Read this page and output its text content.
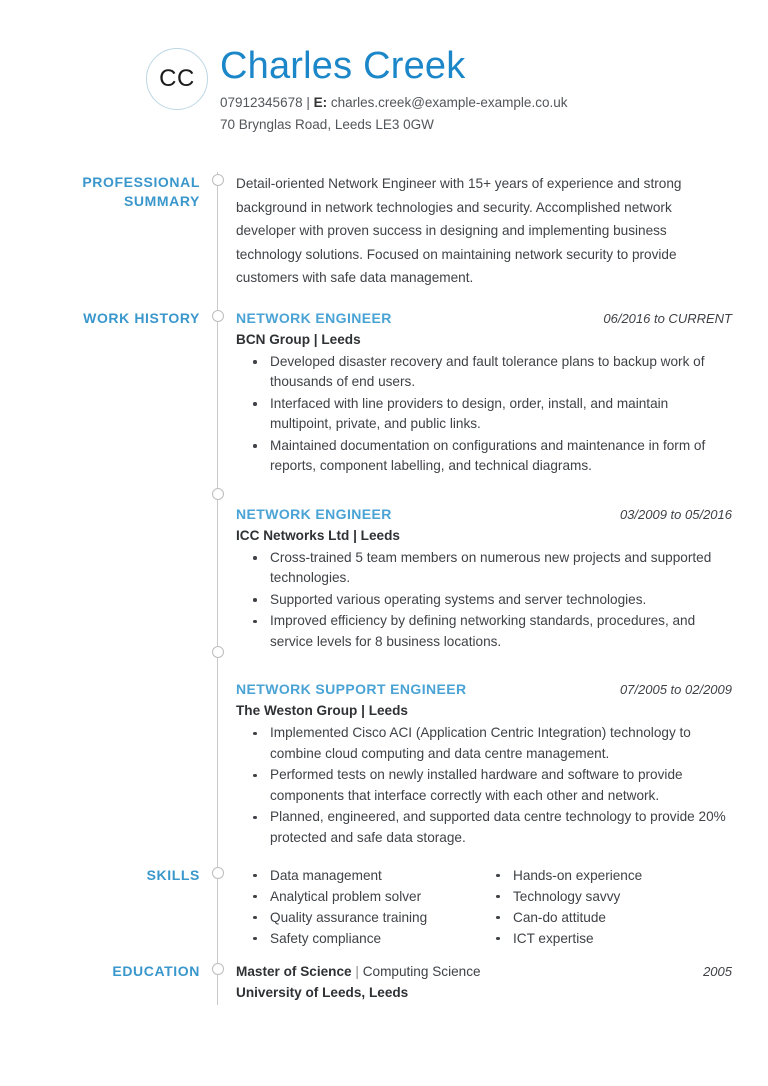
CC Charles Creek
07912345678 | E: charles.creek@example-example.co.uk
70 Brynglas Road, Leeds LE3 0GW
PROFESSIONAL
SUMMARY
Detail-oriented Network Engineer with 15+ years of experience and strong background in network technologies and security. Accomplished network developer with proven success in designing and implementing business technology solutions. Focused on maintaining network security to provide customers with safe data management.
WORK HISTORY	NETWORK ENGINEER	06/2016 to CURRENT
BCN Group | Leeds
Developed disaster recovery and fault tolerance plans to backup work of thousands of end users.
Interfaced with line providers to design, order, install, and maintain multipoint, private, and public links.
Maintained documentation on configurations and maintenance in form of reports, component labelling, and technical diagrams.
NETWORK ENGINEER	03/2009 to 05/2016
ICC Networks Ltd | Leeds
Cross-trained 5 team members on numerous new projects and supported technologies.
Supported various operating systems and server technologies.
Improved efficiency by defining networking standards, procedures, and service levels for 8 business locations.
NETWORK SUPPORT ENGINEER	07/2005 to 02/2009
The Weston Group | Leeds
Implemented Cisco ACI (Application Centric Integration) technology to combine cloud computing and data centre management.
Performed tests on newly installed hardware and software to provide components that interface correctly with each other and network.
Planned, engineered, and supported data centre technology to provide 20% protected and safe data storage.
SKILLS	Data management
Analytical problem solver
Quality assurance training
Safety compliance
Hands-on experience
Technology savvy
Can-do attitude
ICT expertise
EDUCATION	Master of Science | Computing Science	2005
University of Leeds, Leeds
